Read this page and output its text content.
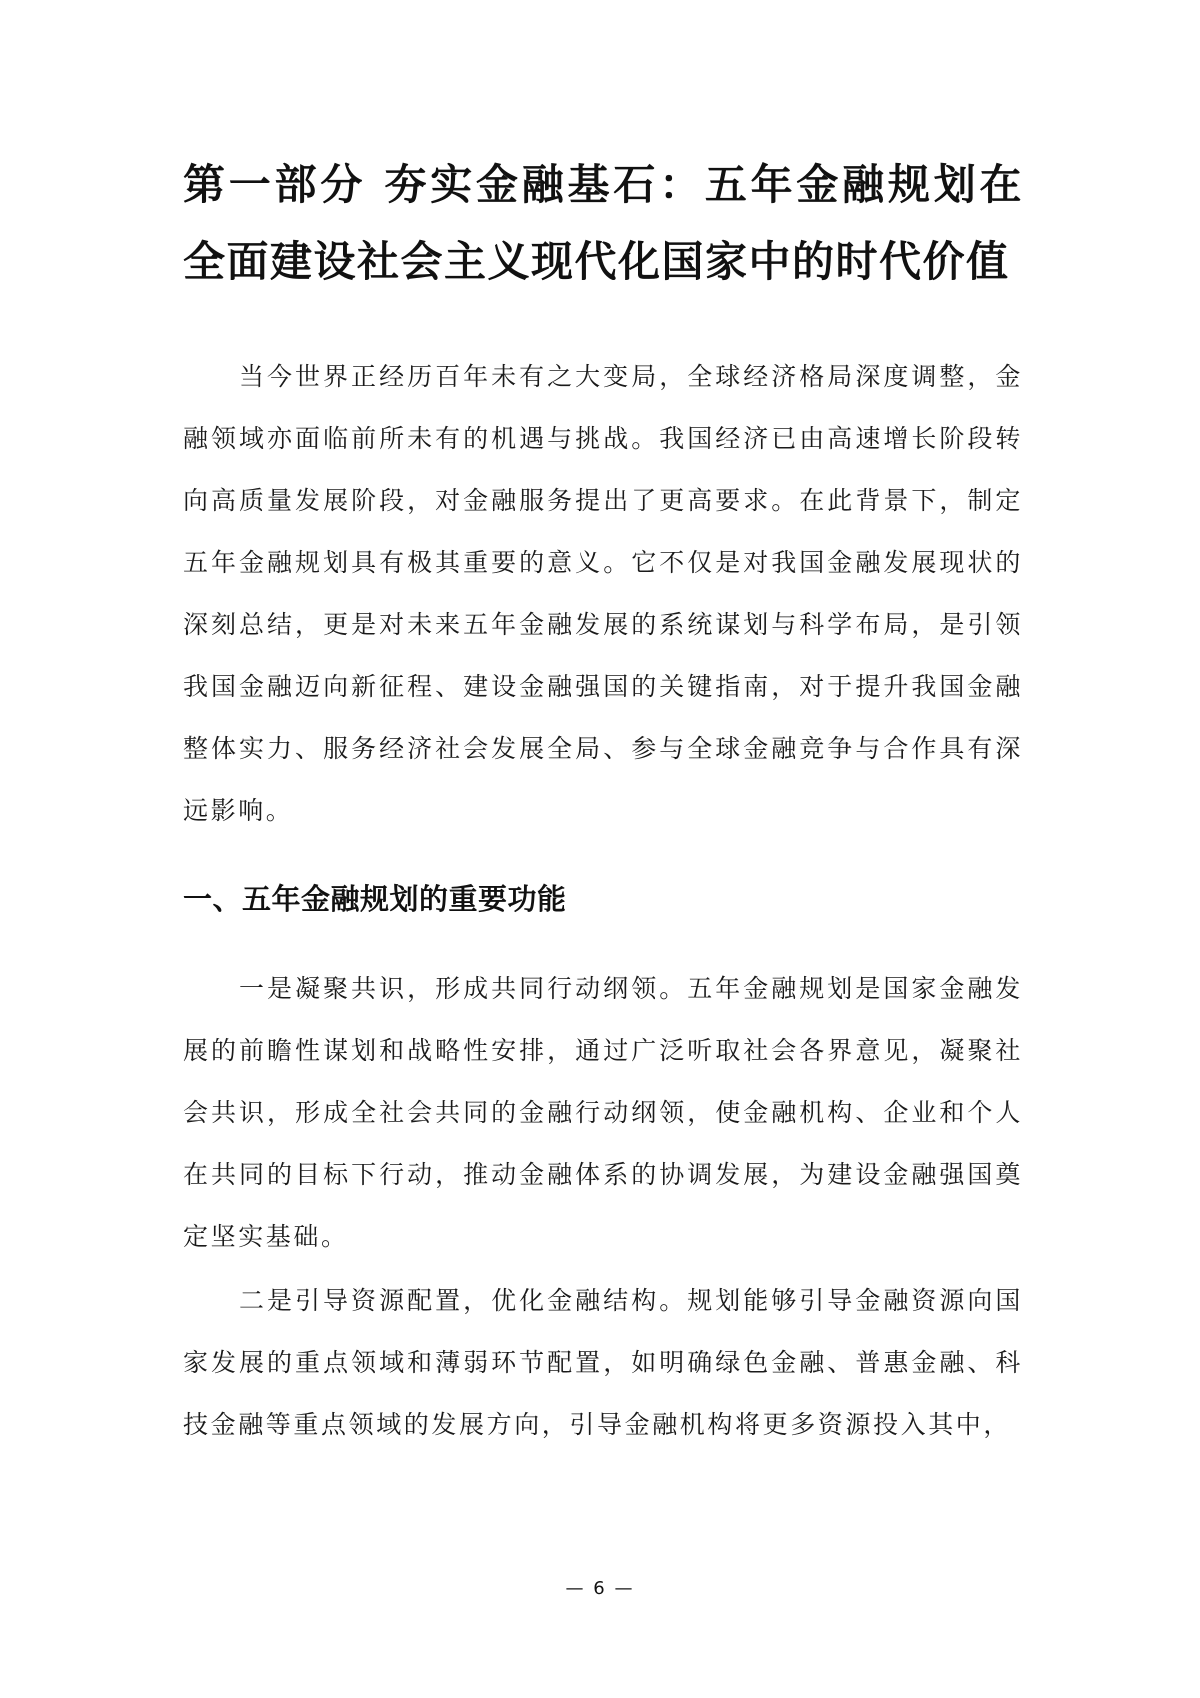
第一部分 夯实金融基石：五年金融规划在全面建设社会主义现代化国家中的时代价值

当今世界正经历百年未有之大变局，全球经济格局深度调整，金融领域亦面临前所未有的机遇与挑战。我国经济已由高速增长阶段转向高质量发展阶段，对金融服务提出了更高要求。在此背景下，制定五年金融规划具有极其重要的意义。它不仅是对我国金融发展现状的深刻总结，更是对未来五年金融发展的系统谋划与科学布局，是引领我国金融迈向新征程、建设金融强国的关键指南，对于提升我国金融整体实力、服务经济社会发展全局、参与全球金融竞争与合作具有深远影响。

一、五年金融规划的重要功能

一是凝聚共识，形成共同行动纲领。五年金融规划是国家金融发展的前瞻性谋划和战略性安排，通过广泛听取社会各界意见，凝聚社会共识，形成全社会共同的金融行动纲领，使金融机构、企业和个人在共同的目标下行动，推动金融体系的协调发展，为建设金融强国奠定坚实基础。

二是引导资源配置，优化金融结构。规划能够引导金融资源向国家发展的重点领域和薄弱环节配置，如明确绿色金融、普惠金融、科技金融等重点领域的发展方向，引导金融机构将更多资源投入其中，

— 6 —
